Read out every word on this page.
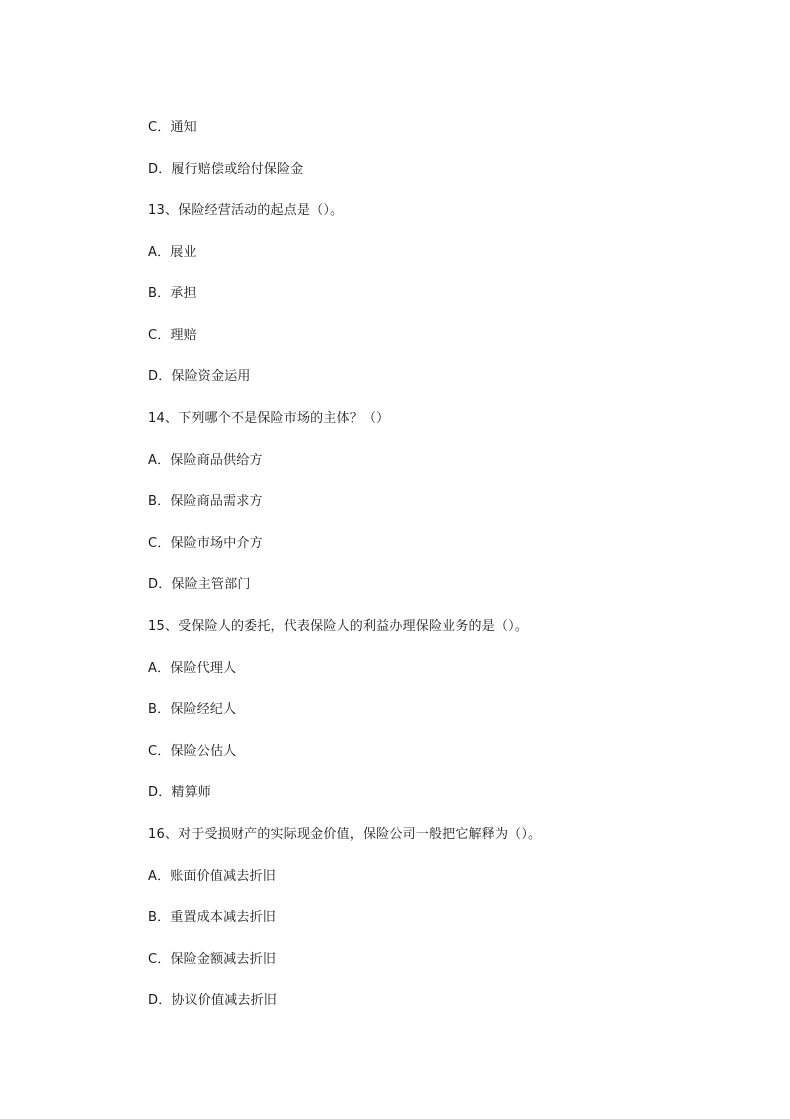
C．通知
D．履行赔偿或给付保险金
13、保险经营活动的起点是（）。
A．展业
B．承担
C．理赔
D．保险资金运用
14、下列哪个不是保险市场的主体？（）
A．保险商品供给方
B．保险商品需求方
C．保险市场中介方
D．保险主管部门
15、受保险人的委托，代表保险人的利益办理保险业务的是（）。
A．保险代理人
B．保险经纪人
C．保险公估人
D．精算师
16、对于受损财产的实际现金价值，保险公司一般把它解释为（）。
A．账面价值减去折旧
B．重置成本减去折旧
C．保险金额减去折旧
D．协议价值减去折旧
